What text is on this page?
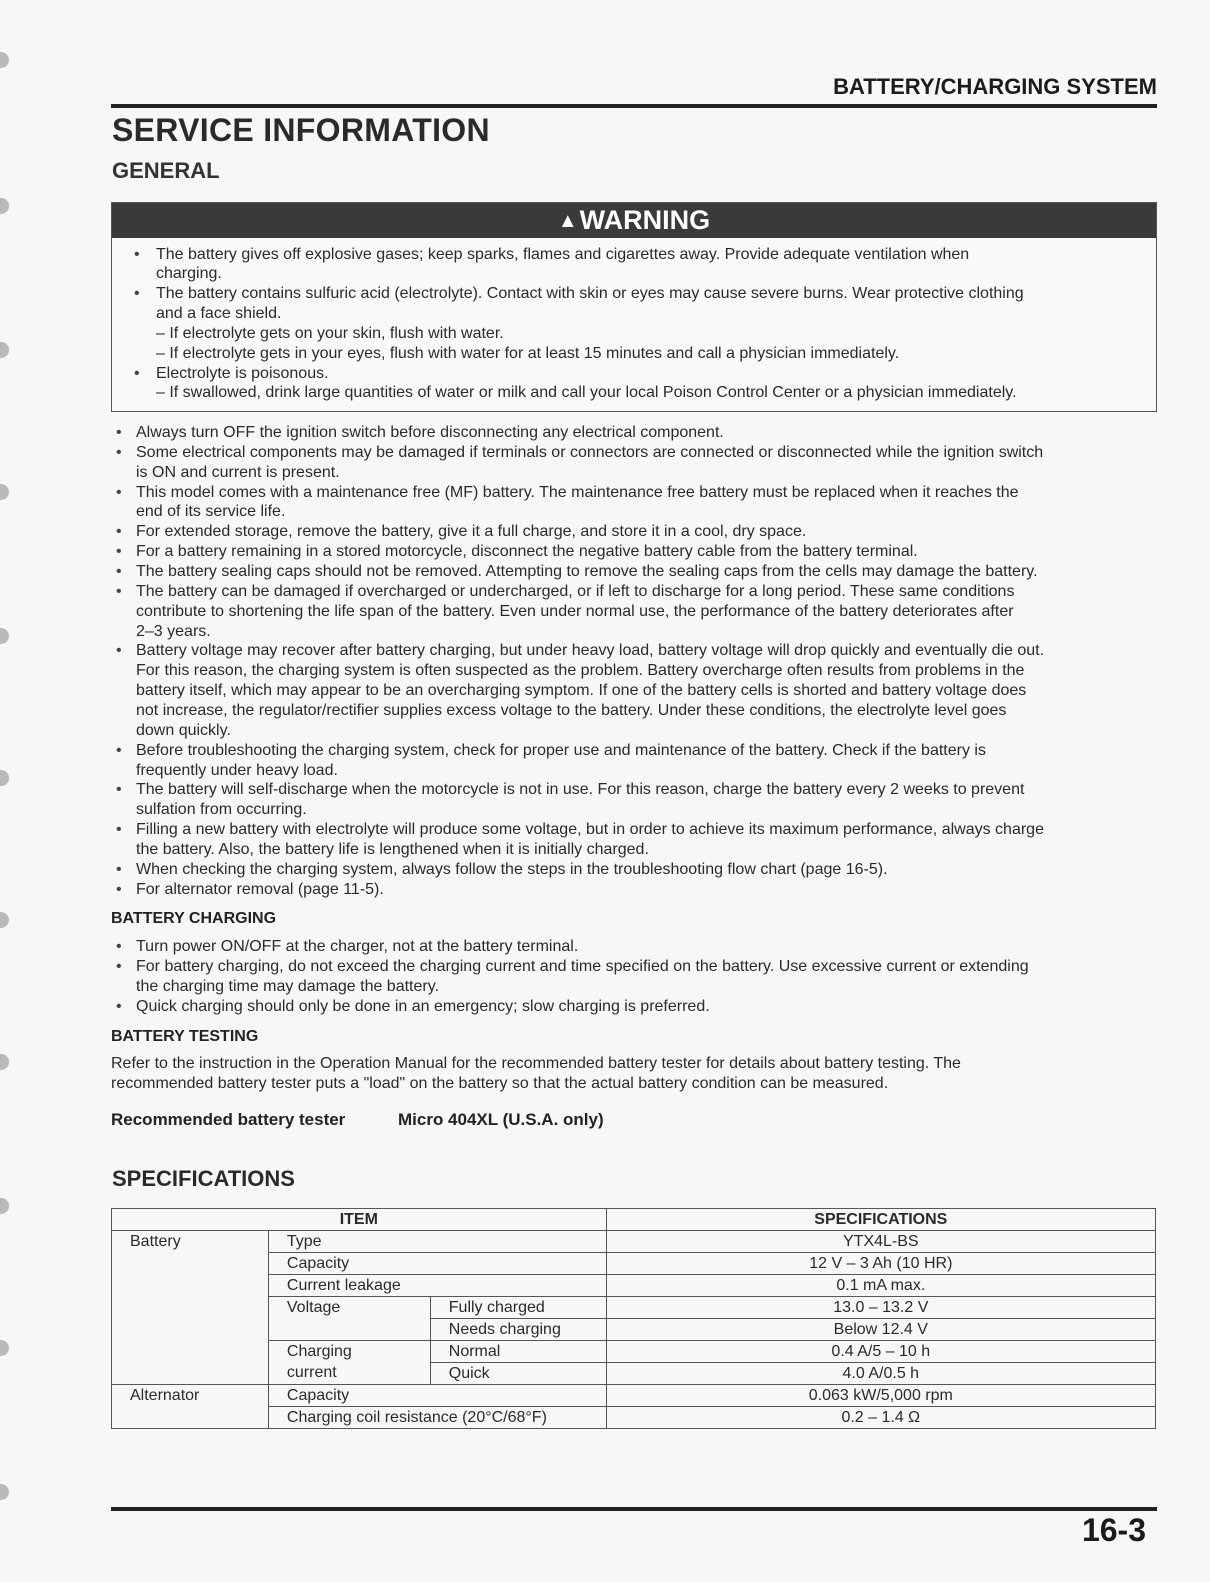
BATTERY/CHARGING SYSTEM
SERVICE INFORMATION
GENERAL
▲WARNING
• The battery gives off explosive gases; keep sparks, flames and cigarettes away. Provide adequate ventilation when
charging.
• The battery contains sulfuric acid (electrolyte). Contact with skin or eyes may cause severe burns. Wear protective clothing
and a face shield.
– If electrolyte gets on your skin, flush with water.
– If electrolyte gets in your eyes, flush with water for at least 15 minutes and call a physician immediately.
• Electrolyte is poisonous.
– If swallowed, drink large quantities of water or milk and call your local Poison Control Center or a physician immediately.
• Always turn OFF the ignition switch before disconnecting any electrical component.
• Some electrical components may be damaged if terminals or connectors are connected or disconnected while the ignition switch
is ON and current is present.
• This model comes with a maintenance free (MF) battery. The maintenance free battery must be replaced when it reaches the
end of its service life.
• For extended storage, remove the battery, give it a full charge, and store it in a cool, dry space.
• For a battery remaining in a stored motorcycle, disconnect the negative battery cable from the battery terminal.
• The battery sealing caps should not be removed. Attempting to remove the sealing caps from the cells may damage the battery.
• The battery can be damaged if overcharged or undercharged, or if left to discharge for a long period. These same conditions
contribute to shortening the life span of the battery. Even under normal use, the performance of the battery deteriorates after
2–3 years.
• Battery voltage may recover after battery charging, but under heavy load, battery voltage will drop quickly and eventually die out.
For this reason, the charging system is often suspected as the problem. Battery overcharge often results from problems in the
battery itself, which may appear to be an overcharging symptom. If one of the battery cells is shorted and battery voltage does
not increase, the regulator/rectifier supplies excess voltage to the battery. Under these conditions, the electrolyte level goes
down quickly.
• Before troubleshooting the charging system, check for proper use and maintenance of the battery. Check if the battery is
frequently under heavy load.
• The battery will self-discharge when the motorcycle is not in use. For this reason, charge the battery every 2 weeks to prevent
sulfation from occurring.
• Filling a new battery with electrolyte will produce some voltage, but in order to achieve its maximum performance, always charge
the battery. Also, the battery life is lengthened when it is initially charged.
• When checking the charging system, always follow the steps in the troubleshooting flow chart (page 16-5).
• For alternator removal (page 11-5).
BATTERY CHARGING
• Turn power ON/OFF at the charger, not at the battery terminal.
• For battery charging, do not exceed the charging current and time specified on the battery. Use excessive current or extending
the charging time may damage the battery.
• Quick charging should only be done in an emergency; slow charging is preferred.
BATTERY TESTING
Refer to the instruction in the Operation Manual for the recommended battery tester for details about battery testing. The
recommended battery tester puts a "load" on the battery so that the actual battery condition can be measured.
Recommended battery tester	Micro 404XL (U.S.A. only)
SPECIFICATIONS
ITEM			SPECIFICATIONS
Battery	Type		YTX4L-BS
	Capacity		12 V – 3 Ah (10 HR)
	Current leakage		0.1 mA max.
	Voltage	Fully charged	13.0 – 13.2 V
		Needs charging	Below 12.4 V
	Charging
current	Normal	0.4 A/5 – 10 h
		Quick	4.0 A/0.5 h
Alternator	Capacity		0.063 kW/5,000 rpm
	Charging coil resistance (20°C/68°F)		0.2 – 1.4 Ω
16-3
